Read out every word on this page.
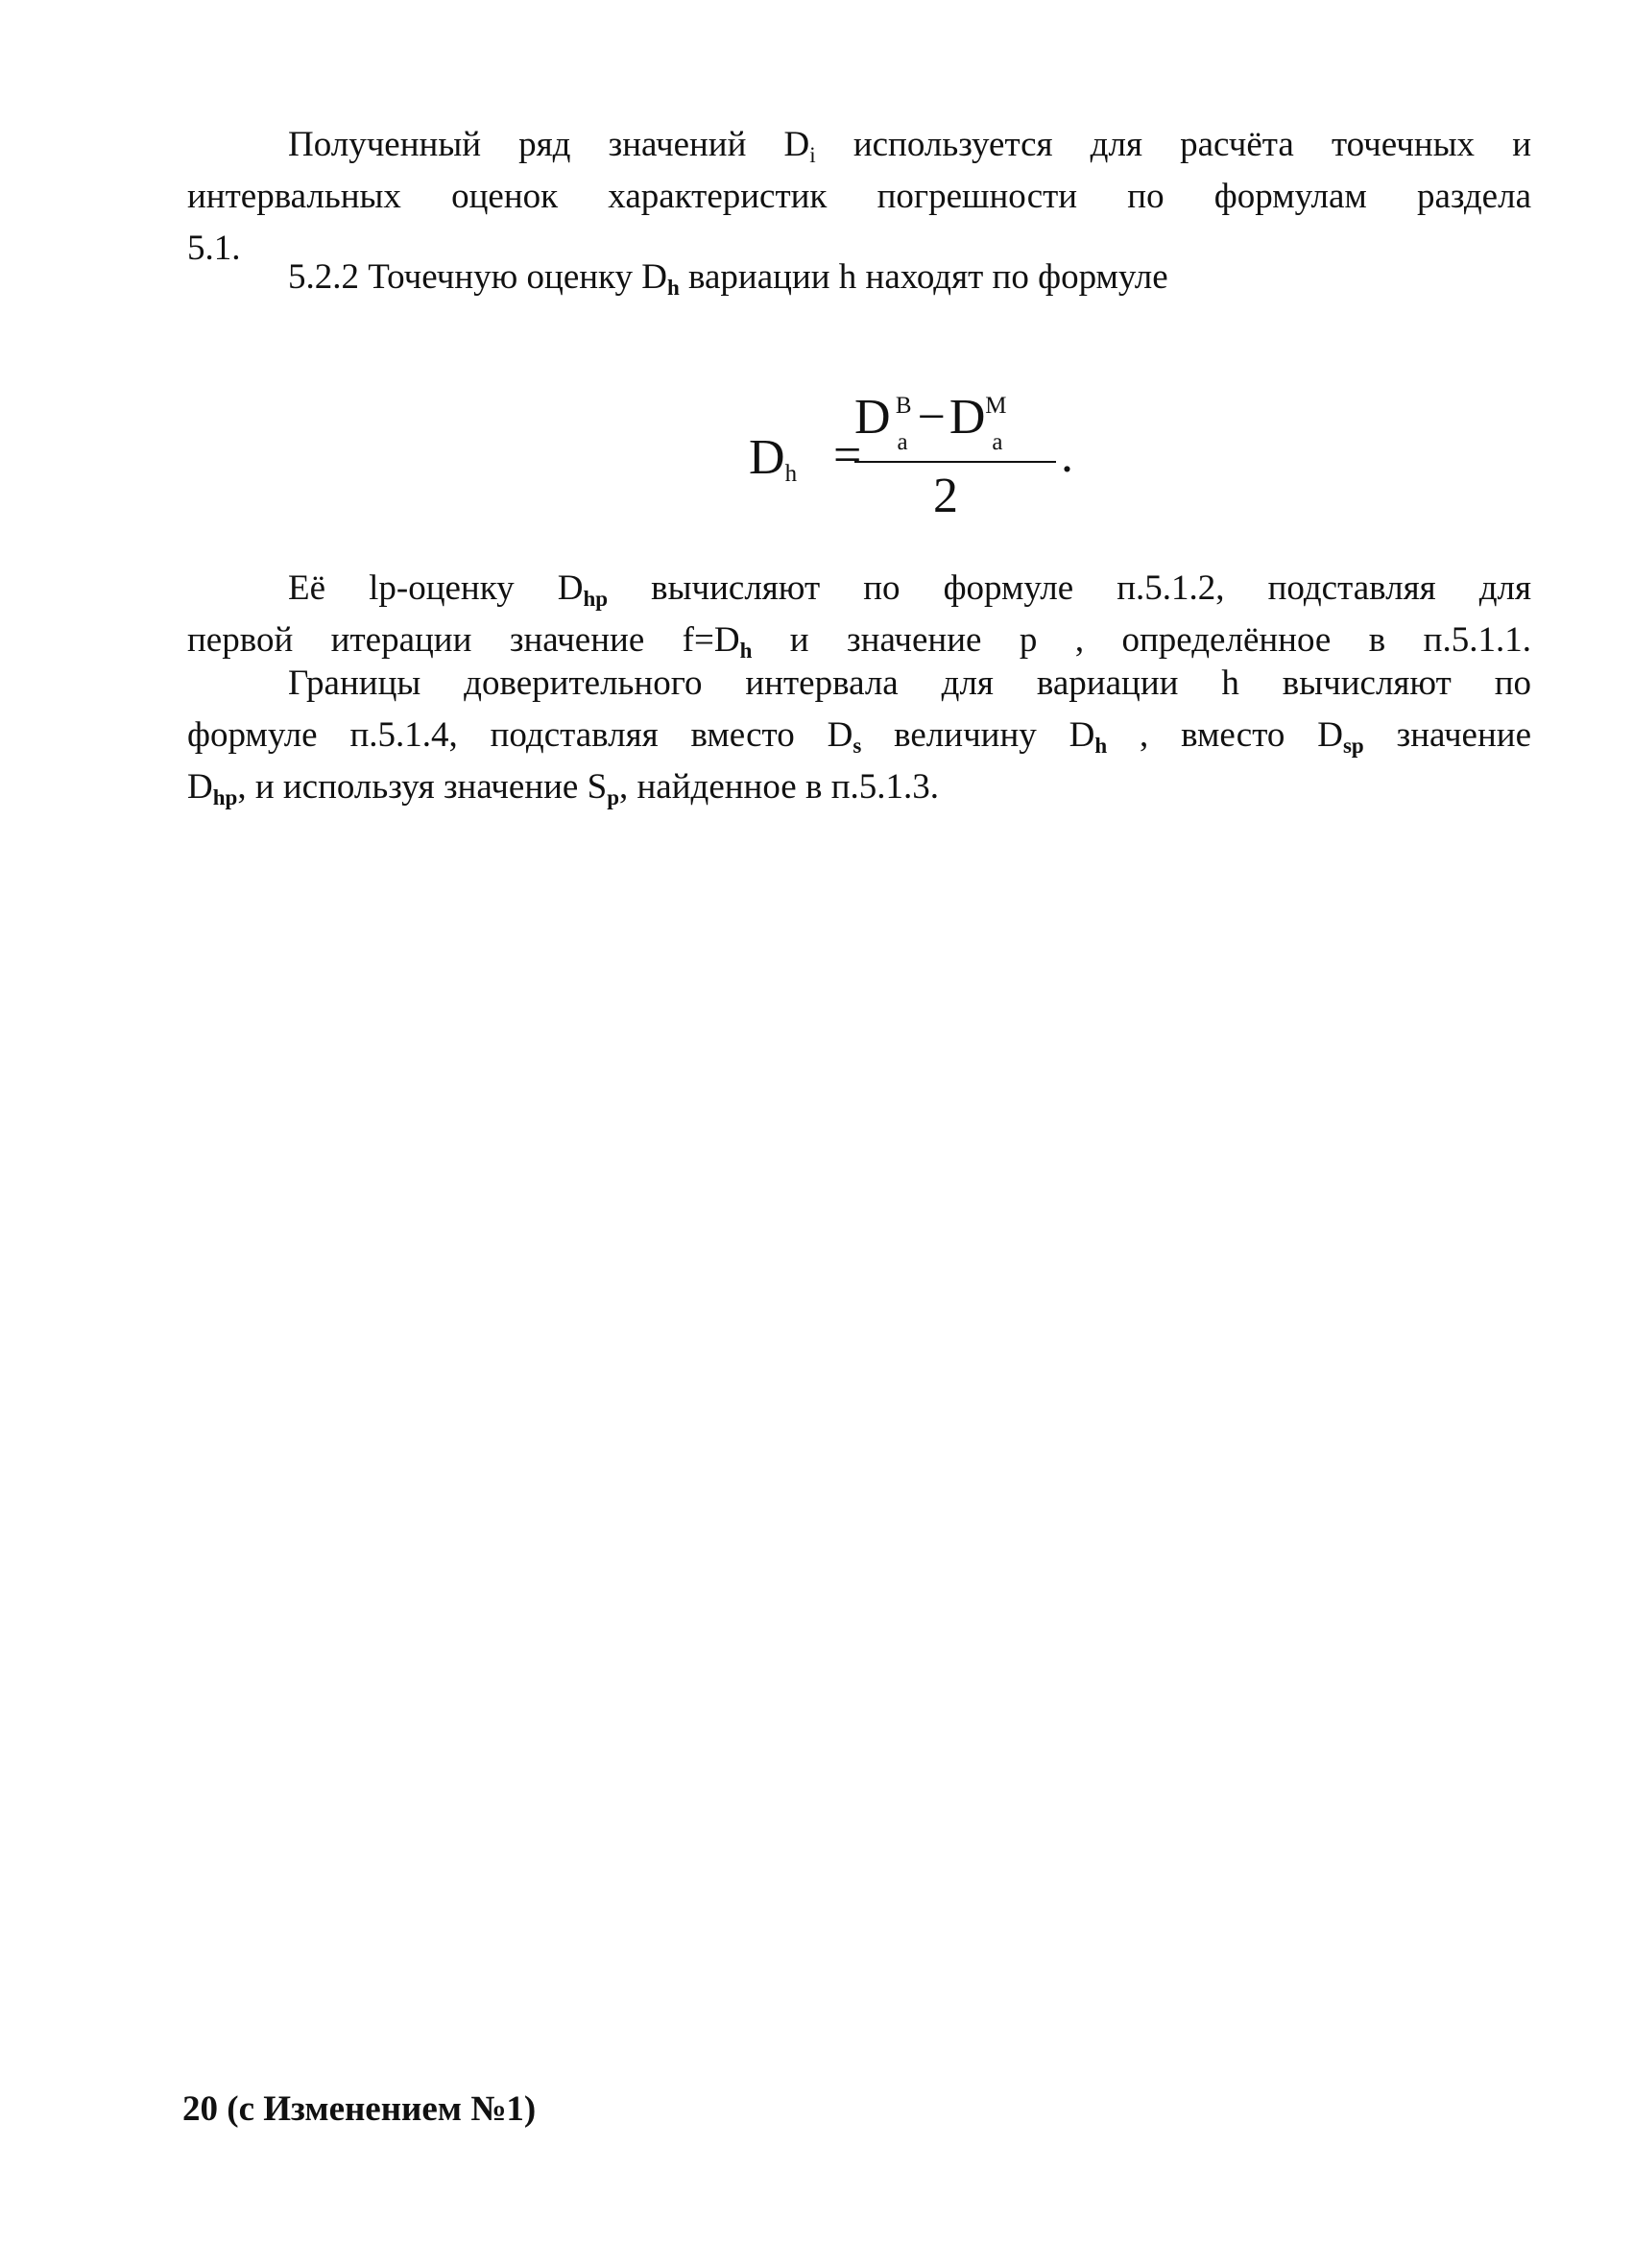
Полученный ряд значений $D_i$ используется для расчёта точечных и
интервальных оценок характеристик погрешности по формулам раздела
5.1.
5.2.2 Точечную оценку $D_h$ вариации h находят по формуле
$D_h$ =
D B
a −D M
a
2
.
Её lp-оценку $D_{hp}$ вычисляют по формуле п.5.1.2, подставляя для
первой итерации значение $f=D_h$ и значение p , определённое в п.5.1.1.
Границы доверительного интервала для вариации h вычисляют по
формуле п.5.1.4, подставляя вместо $D_s$ величину $D_h$ , вместо $D_{sp}$ значение
$D_{hp}$, и используя значение $S_p$, найденное в п.5.1.3.
20 (с Изменением №1)
